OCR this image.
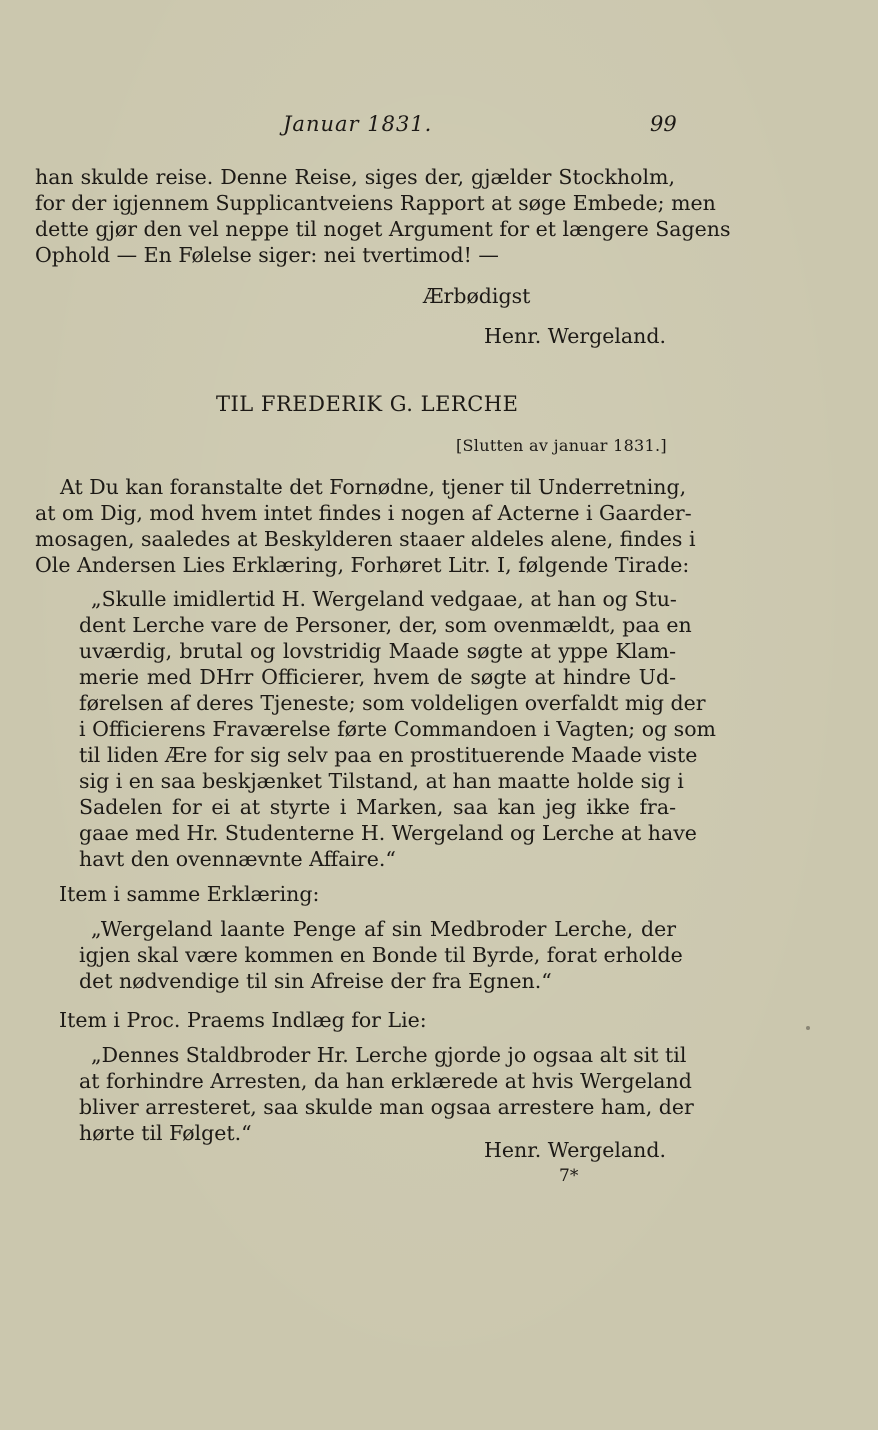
Januar 1831.	99
han skulde reise. Denne Reise, siges der, gjælder Stockholm,
for der igjennem Supplicantveiens Rapport at søge Embede; men
dette gjør den vel neppe til noget Argument for et længere Sagens
Ophold — En Følelse siger: nei tvertimod! —
Ærbødigst
Henr. Wergeland.
TIL FREDERIK G. LERCHE
[Slutten av januar 1831.]
At Du kan foranstalte det Fornødne, tjener til Underretning,
at om Dig, mod hvem intet findes i nogen af Acterne i Gaarder-
mosagen, saaledes at Beskylderen staaer aldeles alene, findes i
Ole Andersen Lies Erklæring, Forhøret Litr. I, følgende Tirade:
„Skulle imidlertid H. Wergeland vedgaae, at han og Stu-
dent Lerche vare de Personer, der, som ovenmældt, paa en
uværdig, brutal og lovstridig Maade søgte at yppe Klam-
merie med DHrr Officierer, hvem de søgte at hindre Ud-
førelsen af deres Tjeneste; som voldeligen overfaldt mig der
i Officierens Fraværelse førte Commandoen i Vagten; og som
til liden Ære for sig selv paa en prostituerende Maade viste
sig i en saa beskjænket Tilstand, at han maatte holde sig i
Sadelen for ei at styrte i Marken, saa kan jeg ikke fra-
gaae med Hr. Studenterne H. Wergeland og Lerche at have
havt den ovennævnte Affaire.“
Item i samme Erklæring:
„Wergeland laante Penge af sin Medbroder Lerche, der
igjen skal være kommen en Bonde til Byrde, forat erholde
det nødvendige til sin Afreise der fra Egnen.“
Item i Proc. Praems Indlæg for Lie:
„Dennes Staldbroder Hr. Lerche gjorde jo ogsaa alt sit til
at forhindre Arresten, da han erklærede at hvis Wergeland
bliver arresteret, saa skulde man ogsaa arrestere ham, der
hørte til Følget.“
Henr. Wergeland.
7*
